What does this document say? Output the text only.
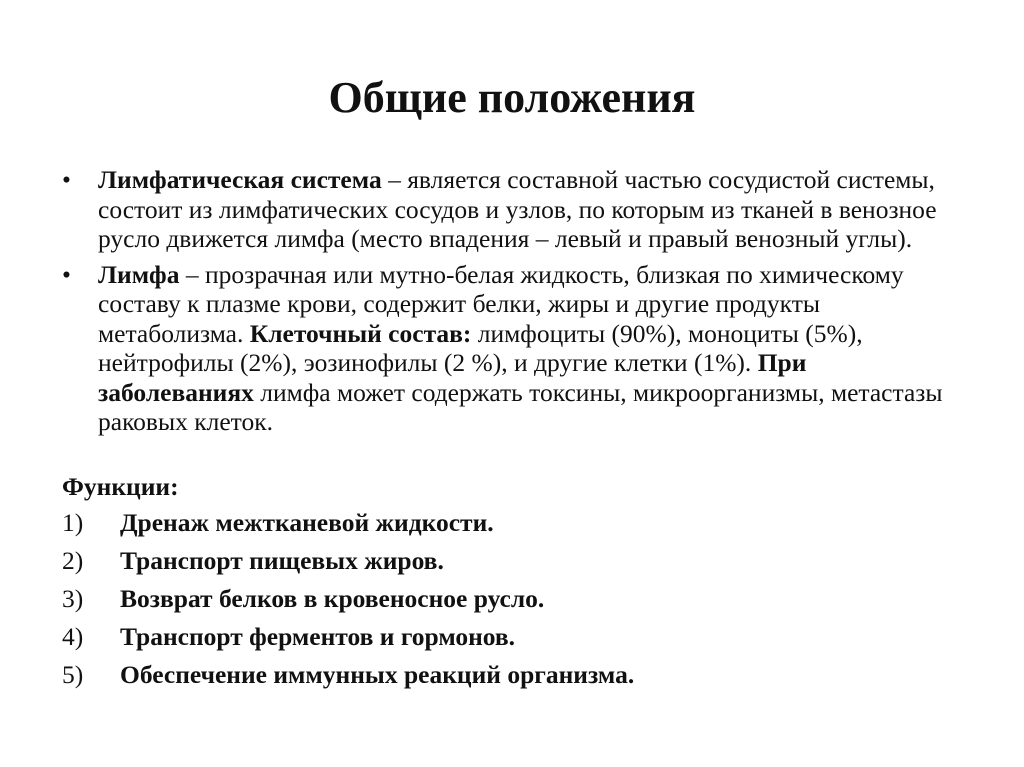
Общие положения
•	Лимфатическая система – является составной частью сосудистой системы, состоит из лимфатических сосудов и узлов, по которым из тканей в венозное русло движется лимфа (место впадения – левый и правый венозный углы).
•	Лимфа – прозрачная или мутно-белая жидкость, близкая по химическому составу к плазме крови, содержит белки, жиры и другие продукты метаболизма. Клеточный состав: лимфоциты (90%), моноциты (5%), нейтрофилы (2%), эозинофилы (2 %), и другие клетки (1%). При заболеваниях лимфа может содержать токсины, микроорганизмы, метастазы раковых клеток.

Функции:

1) Дренаж межтканевой жидкости.
2) Транспорт пищевых жиров.
3) Возврат белков в кровеносное русло.
4) Транспорт ферментов и гормонов.
5) Обеспечение иммунных реакций организма.
